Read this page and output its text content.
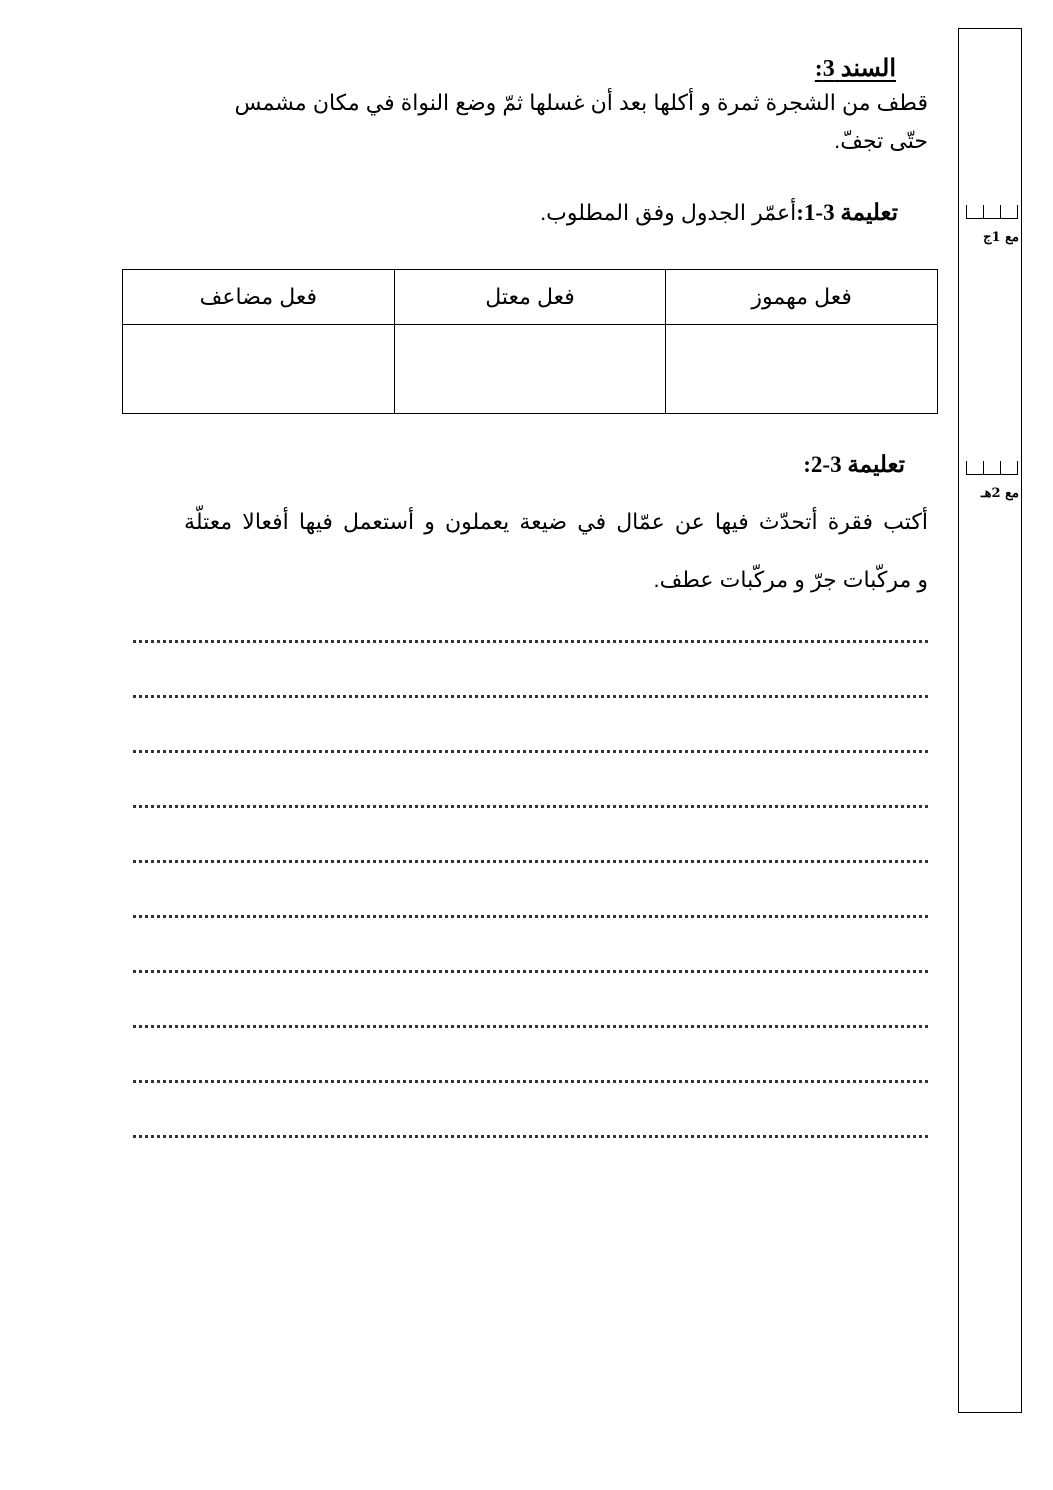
مع 1ج
مع 2هـ
السند 3:
قطف من الشجرة ثمرة و أكلها بعد أن غسلها ثمّ وضع النواة في مكان مشمس
حتّى تجفّ.
تعليمة 3-1:أعمّر الجدول وفق المطلوب.
فعل مهموز	فعل معتل	فعل مضاعف

تعليمة 3-2:
أكتب فقرة أتحدّث فيها عن عمّال في ضيعة يعملون و أستعمل فيها أفعالا معتلّة
و مركّبات جرّ و مركّبات عطف.
